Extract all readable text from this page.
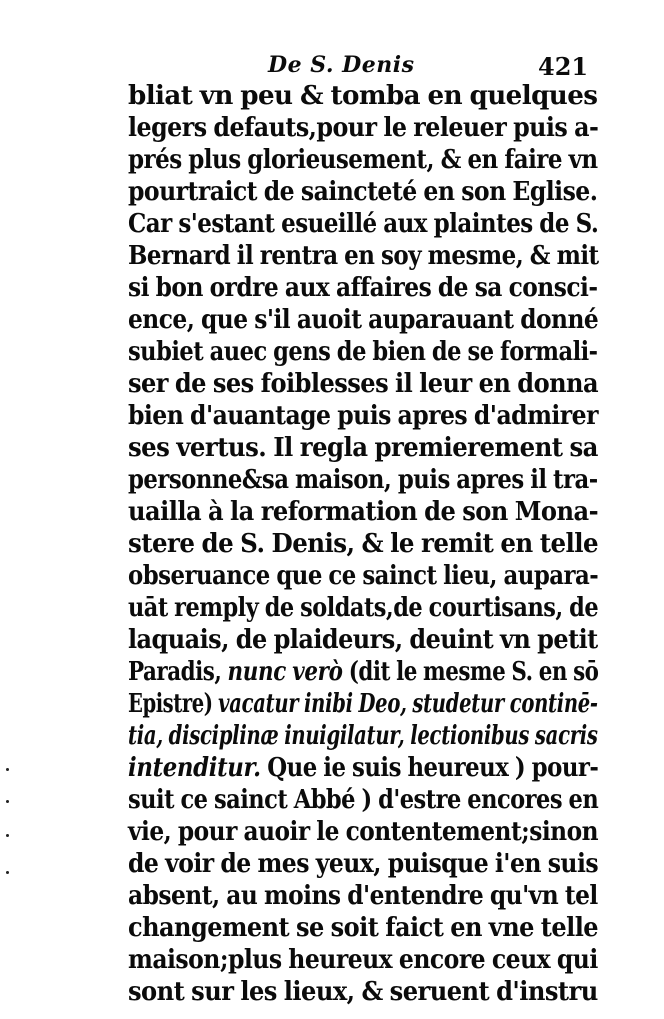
De S. Denis	421
bliat vn peu & tomba en quelques
legers defauts,pour le releuer puis a-
prés plus glorieusement, & en faire vn
pourtraict de saincteté en son Eglise.
Car s'estant esueillé aux plaintes de S.
Bernard il rentra en soy mesme, & mit
si bon ordre aux affaires de sa consci-
ence, que s'il auoit auparauant donné
subiet auec gens de bien de se formali-
ser de ses foiblesses il leur en donna
bien d'auantage puis apres d'admirer
ses vertus. Il regla premierement sa
personne&sa maison, puis apres il tra-
uailla à la reformation de son Mona-
stere de S. Denis, & le remit en telle
obseruance que ce sainct lieu, aupara-
uāt remply de soldats,de courtisans, de
laquais, de plaideurs, deuint vn petit
Paradis, nunc verò (dit le mesme S. en sō
Epistre) vacatur inibi Deo, studetur continē-
tia, disciplinæ inuigilatur, lectionibus sacris
intenditur. Que ie suis heureux ) pour-
suit ce sainct Abbé ) d'estre encores en
vie, pour auoir le contentement;sinon
de voir de mes yeux, puisque i'en suis
absent, au moins d'entendre qu'vn tel
changement se soit faict en vne telle
maison;plus heureux encore ceux qui
sont sur les lieux, & seruent d'instru
